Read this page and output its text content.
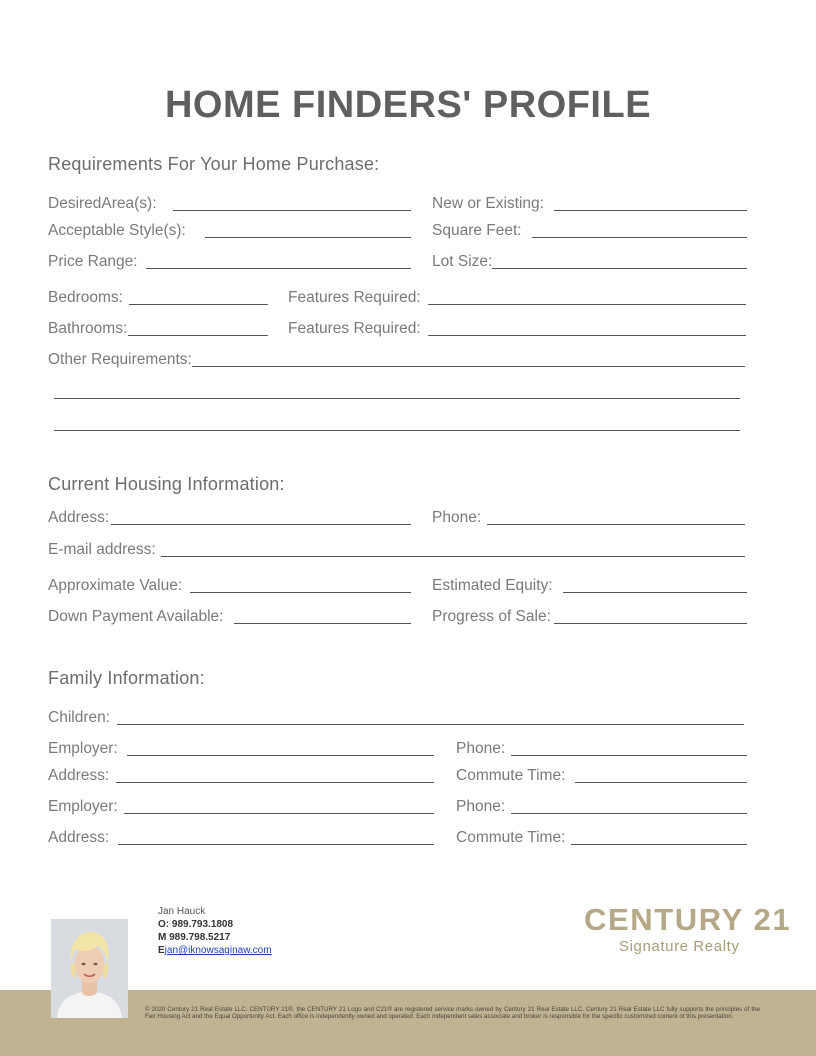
HOME FINDERS' PROFILE
Requirements For Your Home Purchase:
DesiredArea(s):	New or Existing:
Acceptable Style(s):	Square Feet:
Price Range:	Lot Size:
Bedrooms:	Features Required:
Bathrooms:	Features Required:
Other Requirements:
Current Housing Information:
Address:	Phone:
E-mail address:
Approximate Value:	Estimated Equity:
Down Payment Available:	Progress of Sale:
Family Information:
Children:
Employer:	Phone:
Address:	Commute Time:
Employer:	Phone:
Address:	Commute Time:
© 2020 Century 21 Real Estate LLC. CENTURY 21®, the CENTURY 21 Logo and C21® are registered service marks owned by Century 21 Real Estate LLC. Century 21 Real Estate LLC fully supports the principles of the Fair Housing Act and the Equal Opportunity Act. Each office is independently owned and operated. Each independent sales associate and broker is responsible for the specific customized content of this presentation.
Jan Hauck
O: 989.793.1808
M 989.798.5217
Ejan@iknowsaginaw.com
CENTURY 21
Signature Realty
